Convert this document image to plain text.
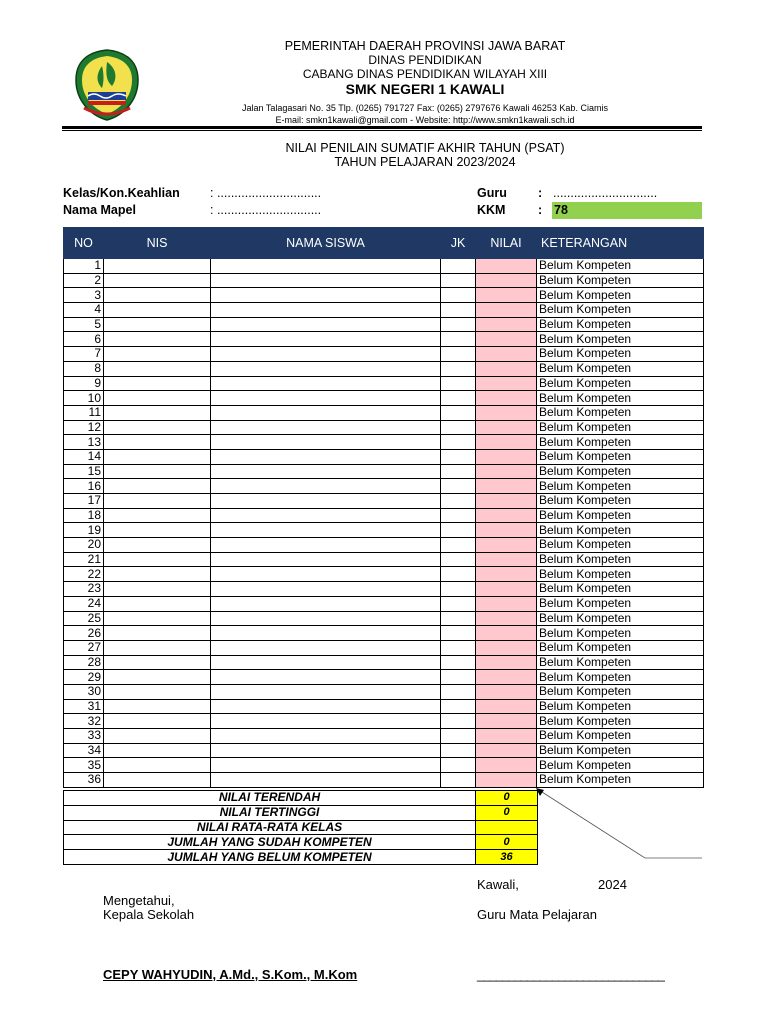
PEMERINTAH DAERAH PROVINSI JAWA BARAT
DINAS PENDIDIKAN
CABANG DINAS PENDIDIKAN WILAYAH XIII
SMK NEGERI 1 KAWALI
Jalan Talagasari No. 35 Tlp. (0265) 791727 Fax: (0265) 2797676 Kawali 46253 Kab. Ciamis
E-mail: smkn1kawali@gmail.com - Website: http://www.smkn1kawali.sch.id
NILAI PENILAIN SUMATIF AKHIR TAHUN (PSAT)
TAHUN PELAJARAN 2023/2024
Kelas/Kon.Keahlian : ..............................
Nama Mapel	: ..............................
Guru : ..............................
KKM	: 78
NO	NIS	NAMA SISWA	JK	NILAI	KETERANGAN
1					Belum Kompeten
2					Belum Kompeten
3					Belum Kompeten
4					Belum Kompeten
5					Belum Kompeten
6					Belum Kompeten
7					Belum Kompeten
8					Belum Kompeten
9					Belum Kompeten
10					Belum Kompeten
11					Belum Kompeten
12					Belum Kompeten
13					Belum Kompeten
14					Belum Kompeten
15					Belum Kompeten
16					Belum Kompeten
17					Belum Kompeten
18					Belum Kompeten
19					Belum Kompeten
20					Belum Kompeten
21					Belum Kompeten
22					Belum Kompeten
23					Belum Kompeten
24					Belum Kompeten
25					Belum Kompeten
26					Belum Kompeten
27					Belum Kompeten
28					Belum Kompeten
29					Belum Kompeten
30					Belum Kompeten
31					Belum Kompeten
32					Belum Kompeten
33					Belum Kompeten
34					Belum Kompeten
35					Belum Kompeten
36					Belum Kompeten
NILAI TERENDAH	0
NILAI TERTINGGI	0
NILAI RATA-RATA KELAS	
JUMLAH YANG SUDAH KOMPETEN	0
JUMLAH YANG BELUM KOMPETEN	36
Kawali,	2024
Mengetahui,
Kepala Sekolah	Guru Mata Pelajaran
CEPY WAHYUDIN, A.Md., S.Kom., M.Kom	______________________________
